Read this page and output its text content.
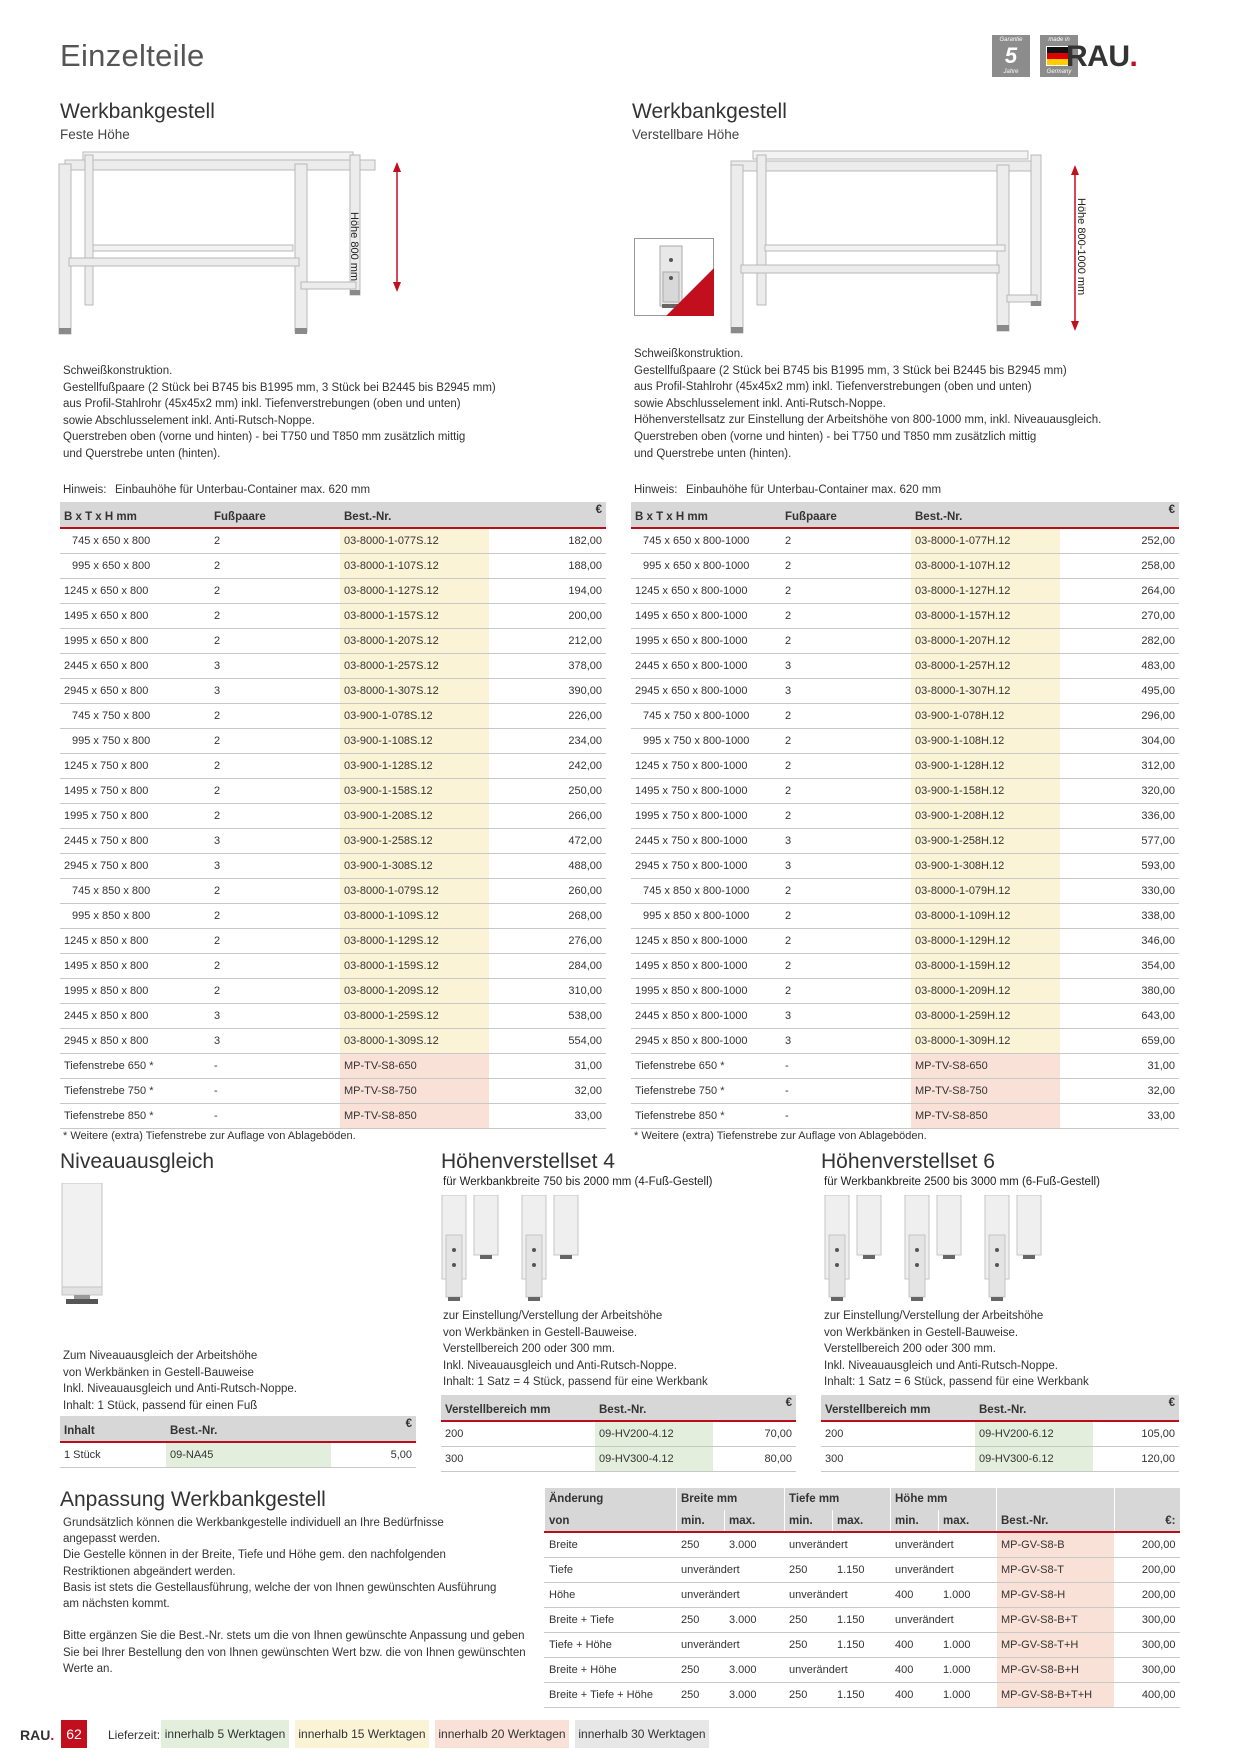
Einzelteile	Garantie
5
Jahre
made in
Germany
RAU.
Werkbankgestell
Feste Höhe
Höhe 800 mm
Schweißkonstruktion.
Gestellfußpaare (2 Stück bei B745 bis B1995 mm, 3 Stück bei B2445 bis B2945 mm)
aus Profil-Stahlrohr (45x45x2 mm) inkl. Tiefenverstrebungen (oben und unten)
sowie Abschlusselement inkl. Anti-Rutsch-Noppe.
Querstreben oben (vorne und hinten) - bei T750 und T850 mm zusätzlich mittig
und Querstrebe unten (hinten).
Hinweis: Einbauhöhe für Unterbau-Container max. 620 mm
B x T x H mm	Fußpaare	Best.-Nr.	€
745 x 650 x 800	2	03-8000-1-077S.12	182,00
995 x 650 x 800	2	03-8000-1-107S.12	188,00
1245 x 650 x 800	2	03-8000-1-127S.12	194,00
1495 x 650 x 800	2	03-8000-1-157S.12	200,00
1995 x 650 x 800	2	03-8000-1-207S.12	212,00
2445 x 650 x 800	3	03-8000-1-257S.12	378,00
2945 x 650 x 800	3	03-8000-1-307S.12	390,00
745 x 750 x 800	2	03-900-1-078S.12	226,00
995 x 750 x 800	2	03-900-1-108S.12	234,00
1245 x 750 x 800	2	03-900-1-128S.12	242,00
1495 x 750 x 800	2	03-900-1-158S.12	250,00
1995 x 750 x 800	2	03-900-1-208S.12	266,00
2445 x 750 x 800	3	03-900-1-258S.12	472,00
2945 x 750 x 800	3	03-900-1-308S.12	488,00
745 x 850 x 800	2	03-8000-1-079S.12	260,00
995 x 850 x 800	2	03-8000-1-109S.12	268,00
1245 x 850 x 800	2	03-8000-1-129S.12	276,00
1495 x 850 x 800	2	03-8000-1-159S.12	284,00
1995 x 850 x 800	2	03-8000-1-209S.12	310,00
2445 x 850 x 800	3	03-8000-1-259S.12	538,00
2945 x 850 x 800	3	03-8000-1-309S.12	554,00
Tiefenstrebe 650 *	-	MP-TV-S8-650	31,00
Tiefenstrebe 750 *	-	MP-TV-S8-750	32,00
Tiefenstrebe 850 *	-	MP-TV-S8-850	33,00
* Weitere (extra) Tiefenstrebe zur Auflage von Ablageböden.
Werkbankgestell
Verstellbare Höhe
Höhe 800-1000 mm
Schweißkonstruktion.
Gestellfußpaare (2 Stück bei B745 bis B1995 mm, 3 Stück bei B2445 bis B2945 mm)
aus Profil-Stahlrohr (45x45x2 mm) inkl. Tiefenverstrebungen (oben und unten)
sowie Abschlusselement inkl. Anti-Rutsch-Noppe.
Höhenverstellsatz zur Einstellung der Arbeitshöhe von 800-1000 mm, inkl. Niveauausgleich.
Querstreben oben (vorne und hinten) - bei T750 und T850 mm zusätzlich mittig
und Querstrebe unten (hinten).
Hinweis: Einbauhöhe für Unterbau-Container max. 620 mm
B x T x H mm	Fußpaare	Best.-Nr.	€
745 x 650 x 800-1000	2	03-8000-1-077H.12	252,00
995 x 650 x 800-1000	2	03-8000-1-107H.12	258,00
1245 x 650 x 800-1000	2	03-8000-1-127H.12	264,00
1495 x 650 x 800-1000	2	03-8000-1-157H.12	270,00
1995 x 650 x 800-1000	2	03-8000-1-207H.12	282,00
2445 x 650 x 800-1000	3	03-8000-1-257H.12	483,00
2945 x 650 x 800-1000	3	03-8000-1-307H.12	495,00
745 x 750 x 800-1000	2	03-900-1-078H.12	296,00
995 x 750 x 800-1000	2	03-900-1-108H.12	304,00
1245 x 750 x 800-1000	2	03-900-1-128H.12	312,00
1495 x 750 x 800-1000	2	03-900-1-158H.12	320,00
1995 x 750 x 800-1000	2	03-900-1-208H.12	336,00
2445 x 750 x 800-1000	3	03-900-1-258H.12	577,00
2945 x 750 x 800-1000	3	03-900-1-308H.12	593,00
745 x 850 x 800-1000	2	03-8000-1-079H.12	330,00
995 x 850 x 800-1000	2	03-8000-1-109H.12	338,00
1245 x 850 x 800-1000	2	03-8000-1-129H.12	346,00
1495 x 850 x 800-1000	2	03-8000-1-159H.12	354,00
1995 x 850 x 800-1000	2	03-8000-1-209H.12	380,00
2445 x 850 x 800-1000	3	03-8000-1-259H.12	643,00
2945 x 850 x 800-1000	3	03-8000-1-309H.12	659,00
Tiefenstrebe 650 *	-	MP-TV-S8-650	31,00
Tiefenstrebe 750 *	-	MP-TV-S8-750	32,00
Tiefenstrebe 850 *	-	MP-TV-S8-850	33,00
* Weitere (extra) Tiefenstrebe zur Auflage von Ablageböden.
Niveauausgleich
Zum Niveauausgleich der Arbeitshöhe
von Werkbänken in Gestell-Bauweise
Inkl. Niveauausgleich und Anti-Rutsch-Noppe.
Inhalt: 1 Stück, passend für einen Fuß
Inhalt	Best.-Nr.	€
1 Stück	09-NA45	5,00
Höhenverstellset 4
für Werkbankbreite 750 bis 2000 mm (4-Fuß-Gestell)
zur Einstellung/Verstellung der Arbeitshöhe
von Werkbänken in Gestell-Bauweise.
Verstellbereich 200 oder 300 mm.
Inkl. Niveauausgleich und Anti-Rutsch-Noppe.
Inhalt: 1 Satz = 4 Stück, passend für eine Werkbank
Verstellbereich mm	Best.-Nr.	€
200	09-HV200-4.12	70,00
300	09-HV300-4.12	80,00
Höhenverstellset 6
für Werkbankbreite 2500 bis 3000 mm (6-Fuß-Gestell)
zur Einstellung/Verstellung der Arbeitshöhe
von Werkbänken in Gestell-Bauweise.
Verstellbereich 200 oder 300 mm.
Inkl. Niveauausgleich und Anti-Rutsch-Noppe.
Inhalt: 1 Satz = 6 Stück, passend für eine Werkbank
Verstellbereich mm	Best.-Nr.	€
200	09-HV200-6.12	105,00
300	09-HV300-6.12	120,00
Anpassung Werkbankgestell
Grundsätzlich können die Werkbankgestelle individuell an Ihre Bedürfnisse
angepasst werden.
Die Gestelle können in der Breite, Tiefe und Höhe gem. den nachfolgenden
Restriktionen abgeändert werden.
Basis ist stets die Gestellausführung, welche der von Ihnen gewünschten Ausführung
am nächsten kommt.

Bitte ergänzen Sie die Best.-Nr. stets um die von Ihnen gewünschte Anpassung und geben
Sie bei Ihrer Bestellung den von Ihnen gewünschten Wert bzw. die von Ihnen gewünschten
Werte an.
Änderung	Breite mm		Tiefe mm		Höhe mm			
von	min.	max.	min.	max.	min.	max.	Best.-Nr.	€:
Breite	250	3.000	unverändert		unverändert		MP-GV-S8-B	200,00
Tiefe	unverändert		250	1.150	unverändert		MP-GV-S8-T	200,00
Höhe	unverändert		unverändert		400	1.000	MP-GV-S8-H	200,00
Breite + Tiefe	250	3.000	250	1.150	unverändert		MP-GV-S8-B+T	300,00
Tiefe + Höhe	unverändert		250	1.150	400	1.000	MP-GV-S8-T+H	300,00
Breite + Höhe	250	3.000	unverändert		400	1.000	MP-GV-S8-B+H	300,00
Breite + Tiefe + Höhe	250	3.000	250	1.150	400	1.000	MP-GV-S8-B+T+H	400,00
RAU. 62	Lieferzeit: innerhalb 5 Werktagen	innerhalb 15 Werktagen innerhalb 20 Werktagen innerhalb 30 Werktagen
